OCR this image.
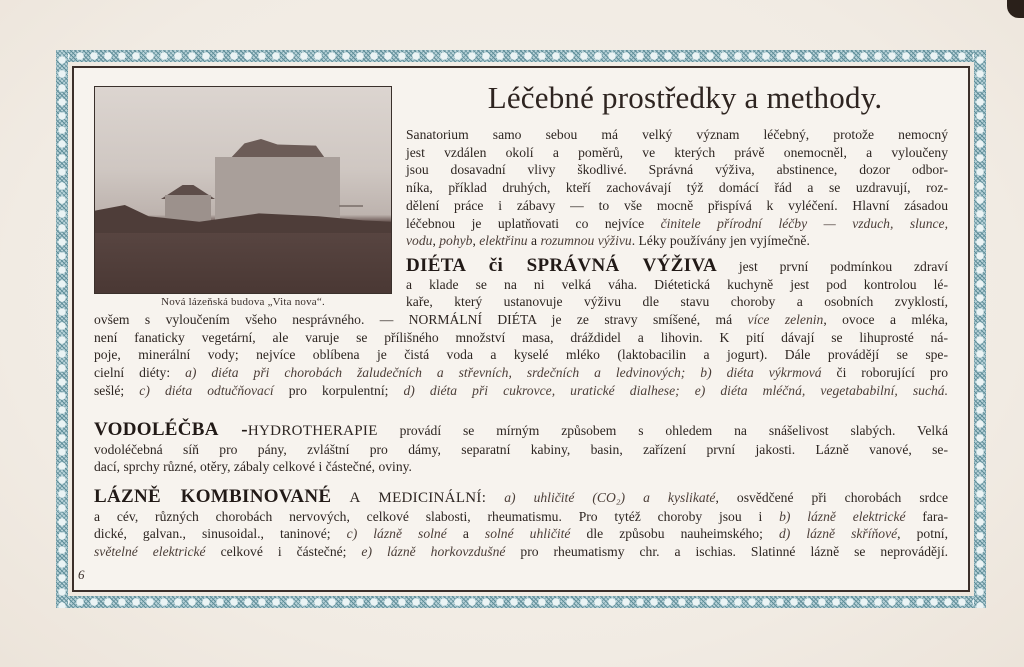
Nová lázeňská budova „Vita nova“.
Léčebné prostředky a methody.
Sanatorium samo sebou má velký význam léčebný, protože nemocný
jest vzdálen okolí a poměrů, ve kterých právě onemocněl, a vyloučeny
jsou dosavadní vlivy škodlivé. Správná výživa, abstinence, dozor odbor-
níka, příklad druhých, kteří zachovávají týž domácí řád a se uzdravují, roz-
dělení práce i zábavy — to vše mocně přispívá k vyléčení. Hlavní zásadou
léčebnou je uplatňovati co nejvíce činitele přírodní léčby — vzduch, slunce,
vodu, pohyb, elektřinu a rozumnou výživu. Léky používány jen vyjímečně.
DIÉTA či SPRÁVNÁ VÝŽIVA jest první podmínkou zdraví
a klade se na ni velká váha. Diétetická kuchyně jest pod kontrolou lé-
kaře, který ustanovuje výživu dle stavu choroby a osobních zvyklostí,
ovšem s vyloučením všeho nesprávného. — NORMÁLNÍ DIÉTA je ze stravy smíšené, má více zelenin, ovoce a mléka,
není fanaticky vegetární, ale varuje se přílišného množství masa, dráždidel a lihovin. K pití dávají se lihuprosté ná-
poje, minerální vody; nejvíce oblíbena je čistá voda a kyselé mléko (laktobacilin a jogurt). Dále provádějí se spe-
cielní diéty: a) diéta při chorobách žaludečních a střevních, srdečních a ledvinových; b) diéta výkrmová či roborující pro
sešlé; c) diéta odtučňovací pro korpulentní; d) diéta při cukrovce, uratické dialhese; e) diéta mléčná, vegetababilní, suchá.
VODOLÉČBA -HYDROTHERAPIE provádí se mírným způsobem s ohledem na snášelivost slabých. Velká
vodoléčebná síň pro pány, zvláštní pro dámy, separatní kabiny, basin, zařízení první jakosti. Lázně vanové, se-
dací, sprchy různé, otěry, zábaly celkové i částečné, oviny.
LÁZNĚ KOMBINOVANÉ A MEDICINÁLNÍ: a) uhličité (CO₂) a kyslikaté, osvědčené při chorobách srdce
a cév, různých chorobách nervových, celkové slabosti, rheumatismu. Pro tytéž choroby jsou i b) lázně elektrické fara-
dické, galvan., sinusoidal., taninové; c) lázně solné a solné uhličité dle způsobu nauheimského; d) lázně skříňové, potní,
světelné elektrické celkové i částečné; e) lázně horkovzdušné pro rheumatismy chr. a ischias. Slatinné lázně se neprovádějí.
6
